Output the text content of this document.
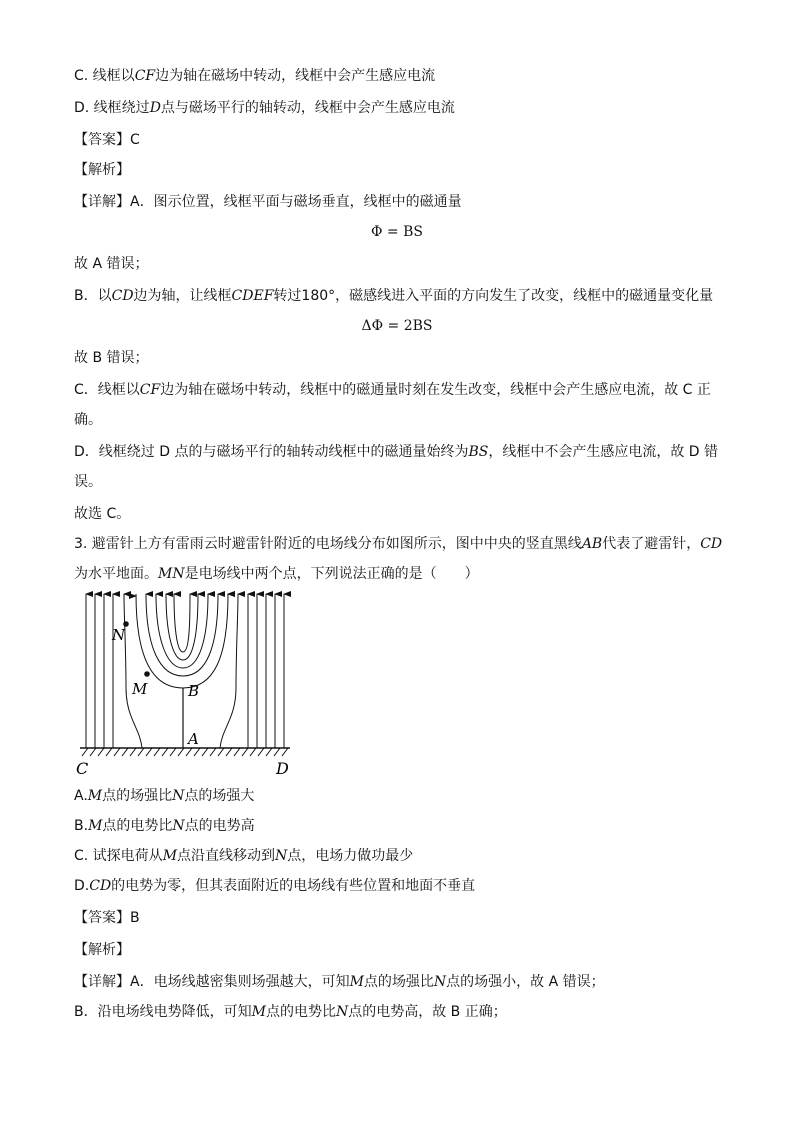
C. 线框以CF边为轴在磁场中转动，线框中会产生感应电流
D. 线框绕过D点与磁场平行的轴转动，线框中会产生感应电流
【答案】C
【解析】
【详解】A．图示位置，线框平面与磁场垂直，线框中的磁通量
Φ = BS
故 A 错误；
B．以CD边为轴，让线框CDEF转过180°，磁感线进入平面的方向发生了改变，线框中的磁通量变化量
ΔΦ = 2BS
故 B 错误；
C．线框以CF边为轴在磁场中转动，线框中的磁通量时刻在发生改变，线框中会产生感应电流，故 C 正
确。
D．线框绕过 D 点的与磁场平行的轴转动线框中的磁通量始终为BS，线框中不会产生感应电流，故 D 错
误。
故选 C。
3. 避雷针上方有雷雨云时避雷针附近的电场线分布如图所示，图中中央的竖直黑线AB代表了避雷针，CD
为水平地面。MN是电场线中两个点，下列说法正确的是（　　）
N
M	B
A
C	D
A.M点的场强比N点的场强大
B.M点的电势比N点的电势高
C. 试探电荷从M点沿直线移动到N点，电场力做功最少
D.CD的电势为零，但其表面附近的电场线有些位置和地面不垂直
【答案】B
【解析】
【详解】A．电场线越密集则场强越大，可知M点的场强比N点的场强小，故 A 错误；
B．沿电场线电势降低，可知M点的电势比N点的电势高，故 B 正确；
